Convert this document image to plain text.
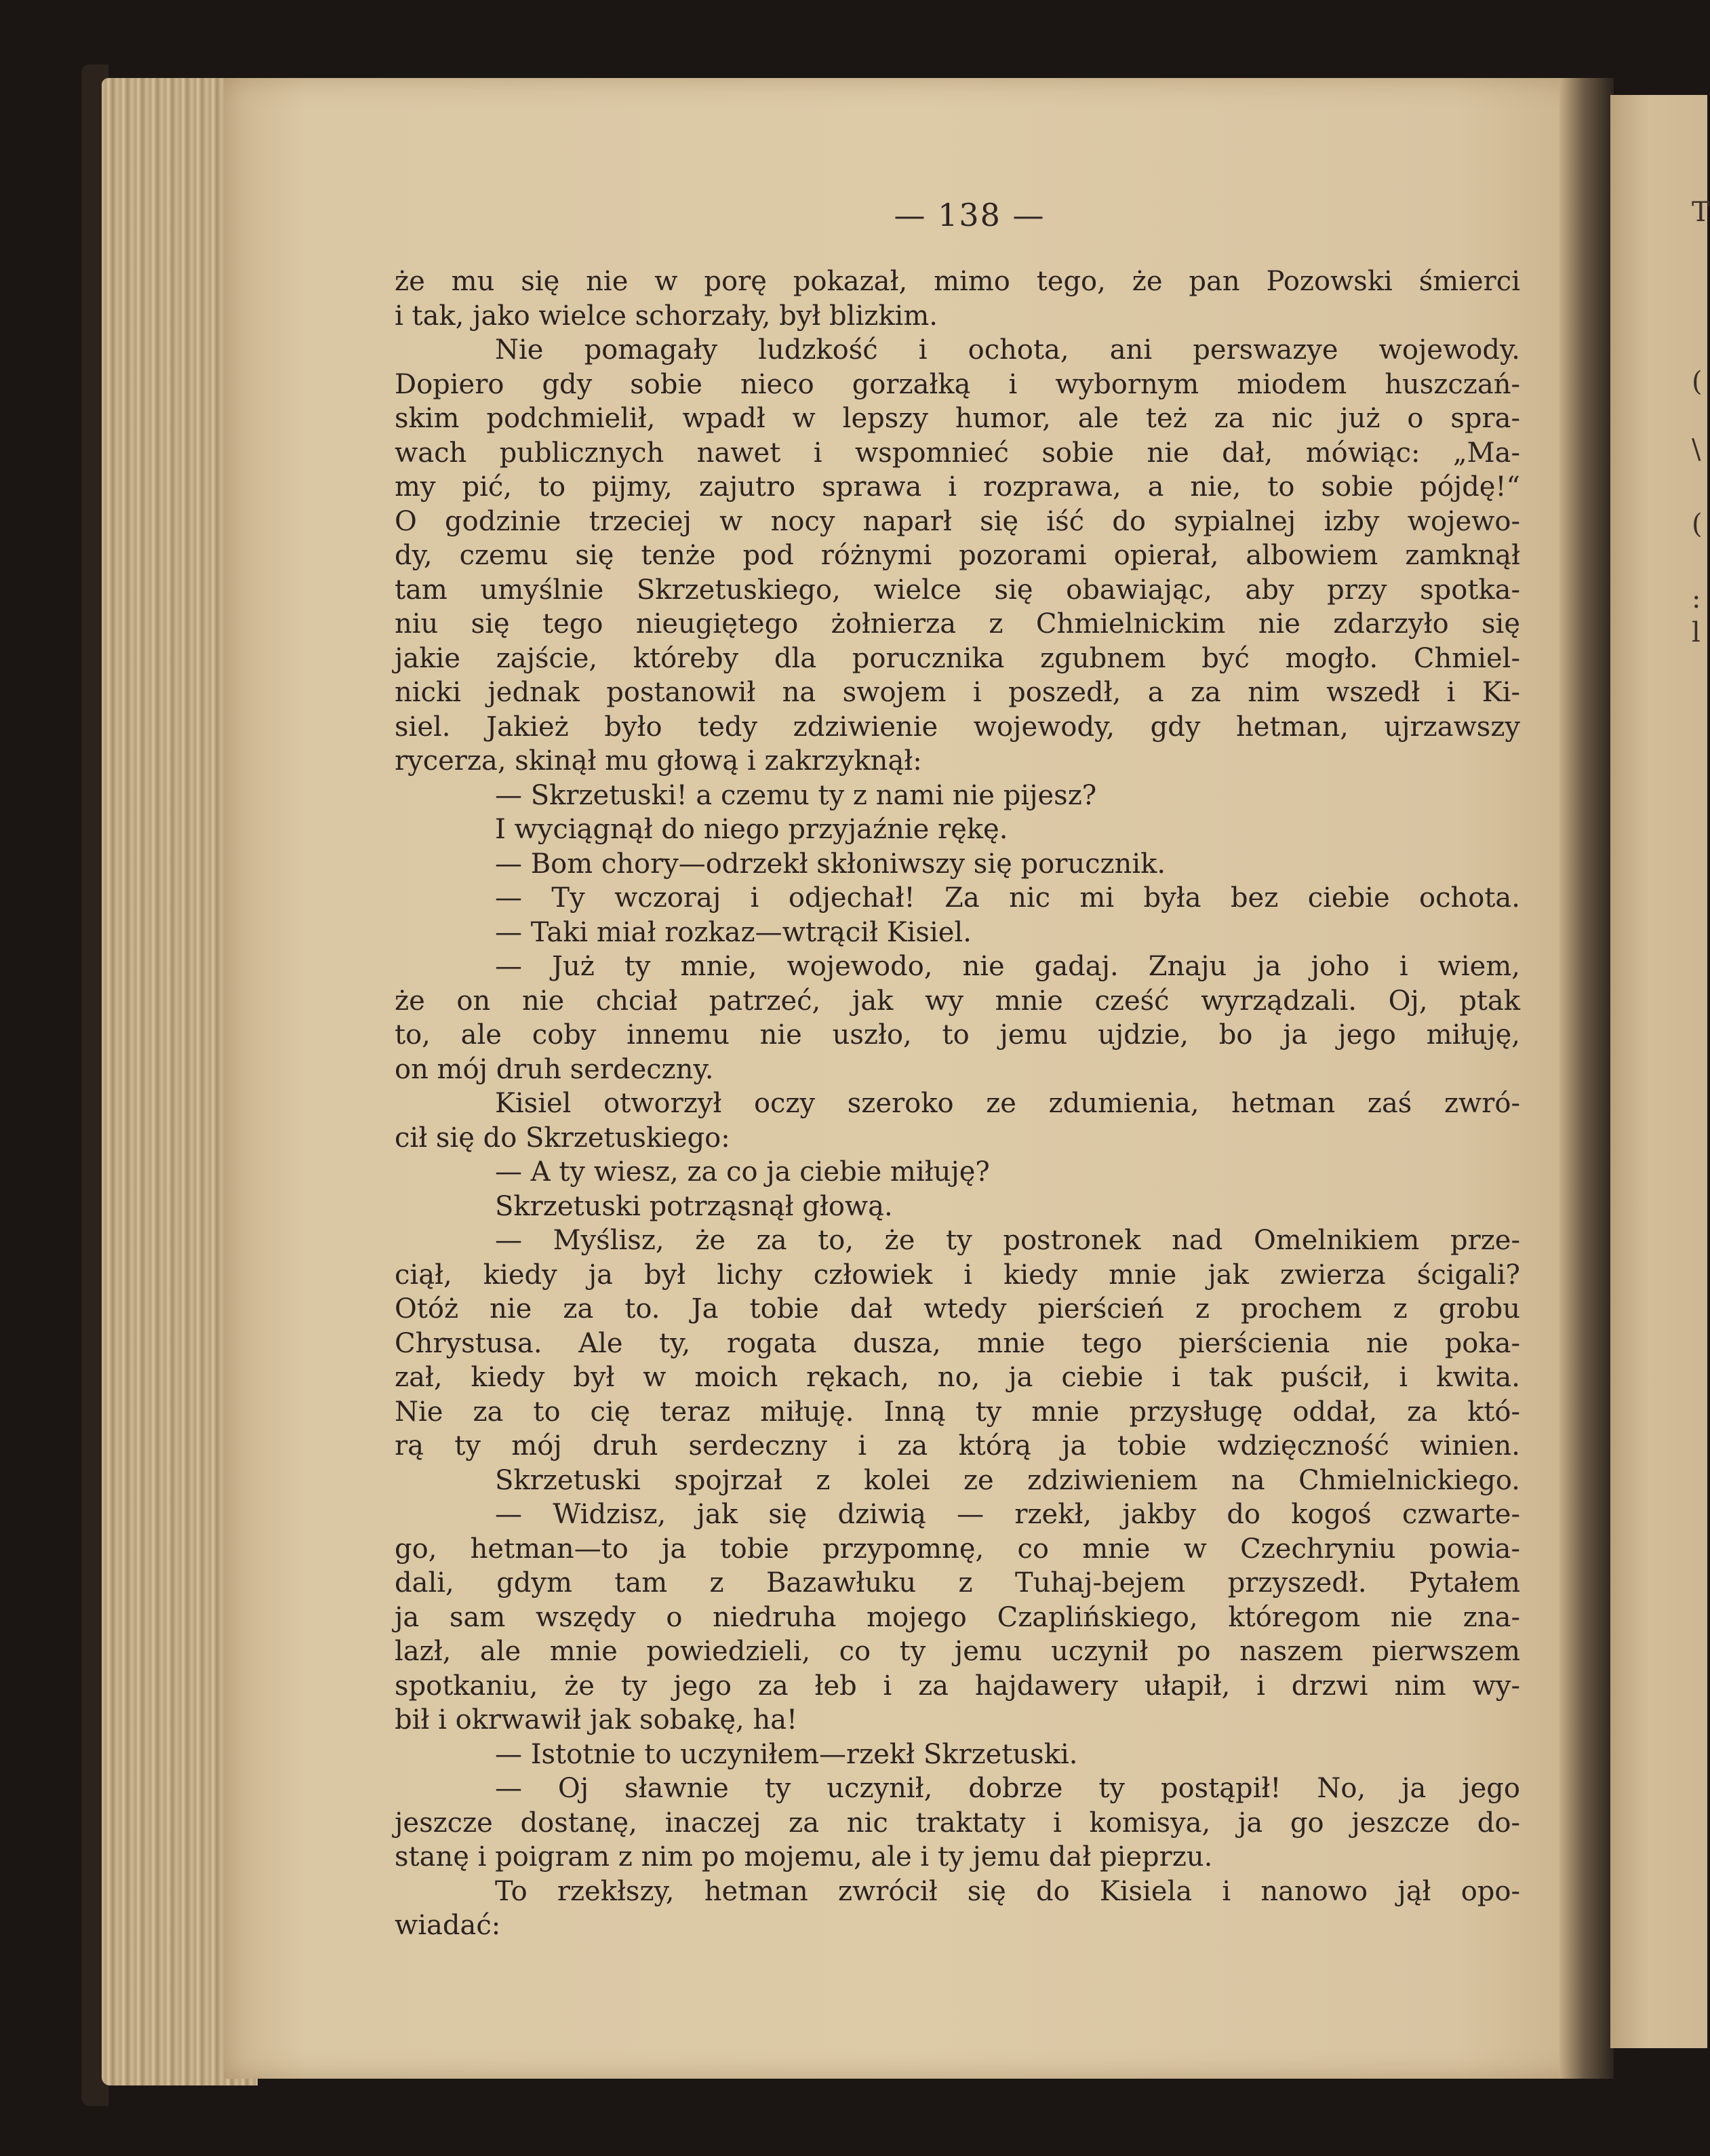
— 138 —
że mu się nie w porę pokazał, mimo tego, że pan Pozowski śmierci
i tak, jako wielce schorzały, był blizkim.
Nie pomagały ludzkość i ochota, ani perswazye wojewody.
Dopiero gdy sobie nieco gorzałką i wybornym miodem huszczań-
skim podchmielił, wpadł w lepszy humor, ale też za nic już o spra-
wach publicznych nawet i wspomnieć sobie nie dał, mówiąc: „Ma-
my pić, to pijmy, zajutro sprawa i rozprawa, a nie, to sobie pójdę!“
O godzinie trzeciej w nocy naparł się iść do sypialnej izby wojewo-
dy, czemu się tenże pod różnymi pozorami opierał, albowiem zamknął
tam umyślnie Skrzetuskiego, wielce się obawiając, aby przy spotka-
niu się tego nieugiętego żołnierza z Chmielnickim nie zdarzyło się
jakie zajście, któreby dla porucznika zgubnem być mogło. Chmiel-
nicki jednak postanowił na swojem i poszedł, a za nim wszedł i Ki-
siel. Jakież było tedy zdziwienie wojewody, gdy hetman, ujrzawszy
rycerza, skinął mu głową i zakrzyknął:
— Skrzetuski! a czemu ty z nami nie pijesz?
I wyciągnął do niego przyjaźnie rękę.
— Bom chory—odrzekł skłoniwszy się porucznik.
— Ty wczoraj i odjechał! Za nic mi była bez ciebie ochota.
— Taki miał rozkaz—wtrącił Kisiel.
— Już ty mnie, wojewodo, nie gadaj. Znaju ja joho i wiem,
że on nie chciał patrzeć, jak wy mnie cześć wyrządzali. Oj, ptak
to, ale coby innemu nie uszło, to jemu ujdzie, bo ja jego miłuję,
on mój druh serdeczny.
Kisiel otworzył oczy szeroko ze zdumienia, hetman zaś zwró-
cił się do Skrzetuskiego:
— A ty wiesz, za co ja ciebie miłuję?
Skrzetuski potrząsnął głową.
— Myślisz, że za to, że ty postronek nad Omelnikiem prze-
ciął, kiedy ja był lichy człowiek i kiedy mnie jak zwierza ścigali?
Otóż nie za to. Ja tobie dał wtedy pierścień z prochem z grobu
Chrystusa. Ale ty, rogata dusza, mnie tego pierścienia nie poka-
zał, kiedy był w moich rękach, no, ja ciebie i tak puścił, i kwita.
Nie za to cię teraz miłuję. Inną ty mnie przysługę oddał, za któ-
rą ty mój druh serdeczny i za którą ja tobie wdzięczność winien.
Skrzetuski spojrzał z kolei ze zdziwieniem na Chmielnickiego.
— Widzisz, jak się dziwią — rzekł, jakby do kogoś czwarte-
go, hetman—to ja tobie przypomnę, co mnie w Czechryniu powia-
dali, gdym tam z Bazawłuku z Tuhaj-bejem przyszedł. Pytałem
ja sam wszędy o niedruha mojego Czaplińskiego, któregom nie zna-
lazł, ale mnie powiedzieli, co ty jemu uczynił po naszem pierwszem
spotkaniu, że ty jego za łeb i za hajdawery ułapił, i drzwi nim wy-
bił i okrwawił jak sobakę, ha!
— Istotnie to uczyniłem—rzekł Skrzetuski.
— Oj sławnie ty uczynił, dobrze ty postąpił! No, ja jego
jeszcze dostanę, inaczej za nic traktaty i komisya, ja go jeszcze do-
stanę i poigram z nim po mojemu, ale i ty jemu dał pieprzu.
To rzekłszy, hetman zwrócił się do Kisiela i nanowo jął opo-
wiadać:
T
(
\
(
:
l
